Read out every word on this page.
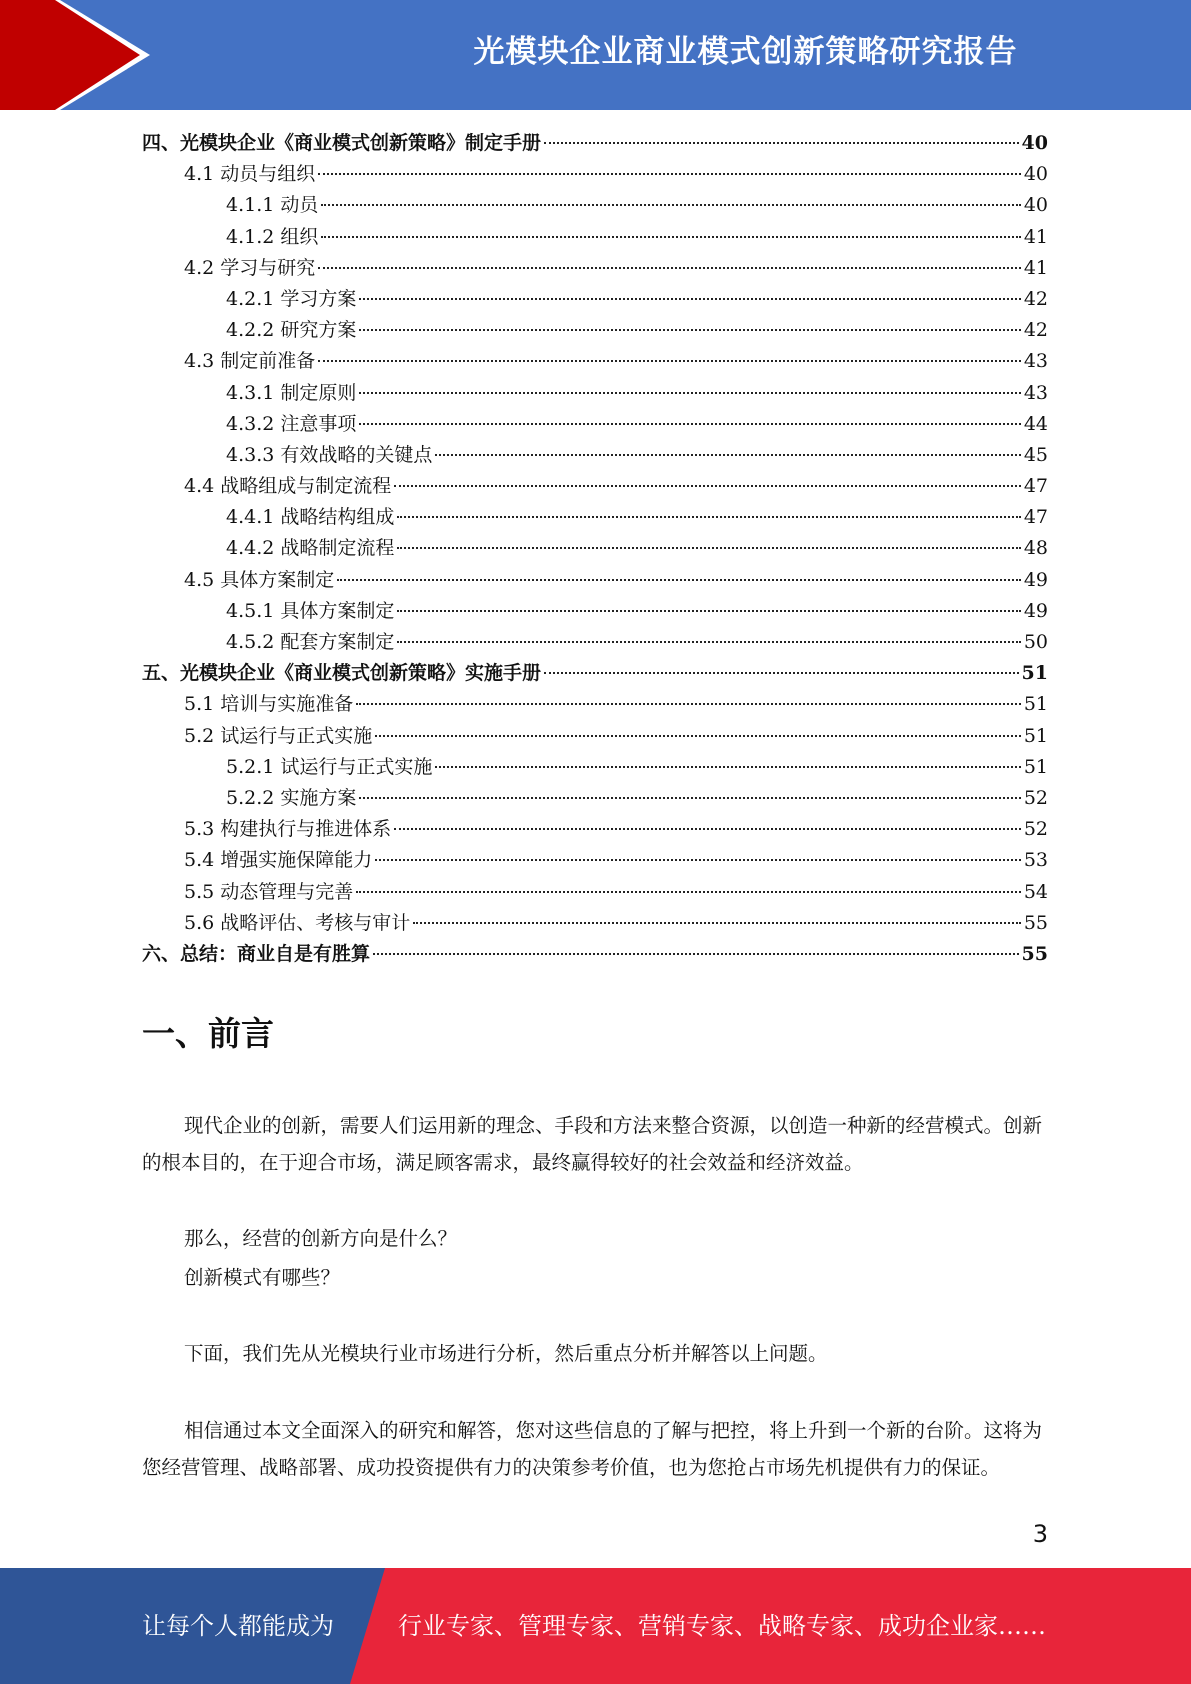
光模块企业商业模式创新策略研究报告
四、光模块企业《商业模式创新策略》制定手册	40
4.1 动员与组织	40
4.1.1 动员	40
4.1.2 组织	41
4.2 学习与研究	41
4.2.1 学习方案	42
4.2.2 研究方案	42
4.3 制定前准备	43
4.3.1 制定原则	43
4.3.2 注意事项	44
4.3.3 有效战略的关键点	45
4.4 战略组成与制定流程	47
4.4.1 战略结构组成	47
4.4.2 战略制定流程	48
4.5 具体方案制定	49
4.5.1 具体方案制定	49
4.5.2 配套方案制定	50
五、光模块企业《商业模式创新策略》实施手册	51
5.1 培训与实施准备	51
5.2 试运行与正式实施	51
5.2.1 试运行与正式实施	51
5.2.2 实施方案	52
5.3 构建执行与推进体系	52
5.4 增强实施保障能力	53
5.5 动态管理与完善	54
5.6 战略评估、考核与审计	55
六、总结：商业自是有胜算	55
一、前言

现代企业的创新，需要人们运用新的理念、手段和方法来整合资源，以创造一种新的经营模式。创新的根本目的，在于迎合市场，满足顾客需求，最终赢得较好的社会效益和经济效益。

那么，经营的创新方向是什么？

创新模式有哪些？

下面，我们先从光模块行业市场进行分析，然后重点分析并解答以上问题。

相信通过本文全面深入的研究和解答，您对这些信息的了解与把控，将上升到一个新的台阶。这将为您经营管理、战略部署、成功投资提供有力的决策参考价值，也为您抢占市场先机提供有力的保证。

3
让每个人都能成为	行业专家、管理专家、营销专家、战略专家、成功企业家……
